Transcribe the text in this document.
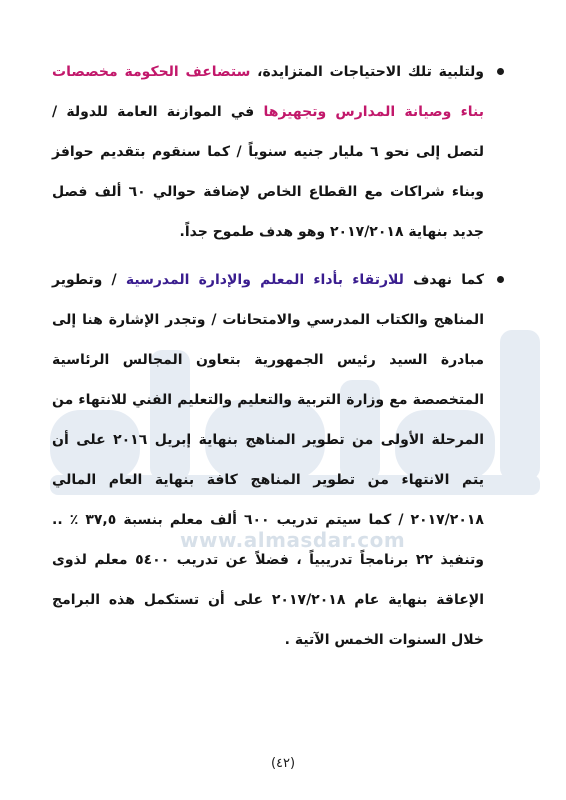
www.almasdar.com

ولتلبية تلك الاحتياجات المتزايدة، ستضاعف الحكومة مخصصات بناء وصيانة المدارس وتجهيزها في الموازنة العامة للدولة / لتصل إلى نحو ٦ مليار جنيه سنوياً / كما سنقوم بتقديم حوافز وبناء شراكات مع القطاع الخاص لإضافة حوالي ٦٠ ألف فصل جديد بنهاية ٢٠١٧/٢٠١٨ وهو هدف طموح جداً.

كما نهدف للارتقاء بأداء المعلم والإدارة المدرسية / وتطوير المناهج والكتاب المدرسي والامتحانات / وتجدر الإشارة هنا إلى مبادرة السيد رئيس الجمهورية بتعاون المجالس الرئاسية المتخصصة مع وزارة التربية والتعليم والتعليم الفني للانتهاء من المرحلة الأولى من تطوير المناهج بنهاية إبريل ٢٠١٦ على أن يتم الانتهاء من تطوير المناهج كافة بنهاية العام المالي ٢٠١٧/٢٠١٨ / كما سيتم تدريب ٦٠٠ ألف معلم بنسبة ٣٧,٥ ٪ .. وتنفيذ ٢٢ برنامجاً تدريبياً ، فضلاً عن تدريب ٥٤٠٠ معلم لذوى الإعاقة بنهاية عام ٢٠١٧/٢٠١٨ على أن تستكمل هذه البرامج خلال السنوات الخمس الآتية .

(٤٢)
